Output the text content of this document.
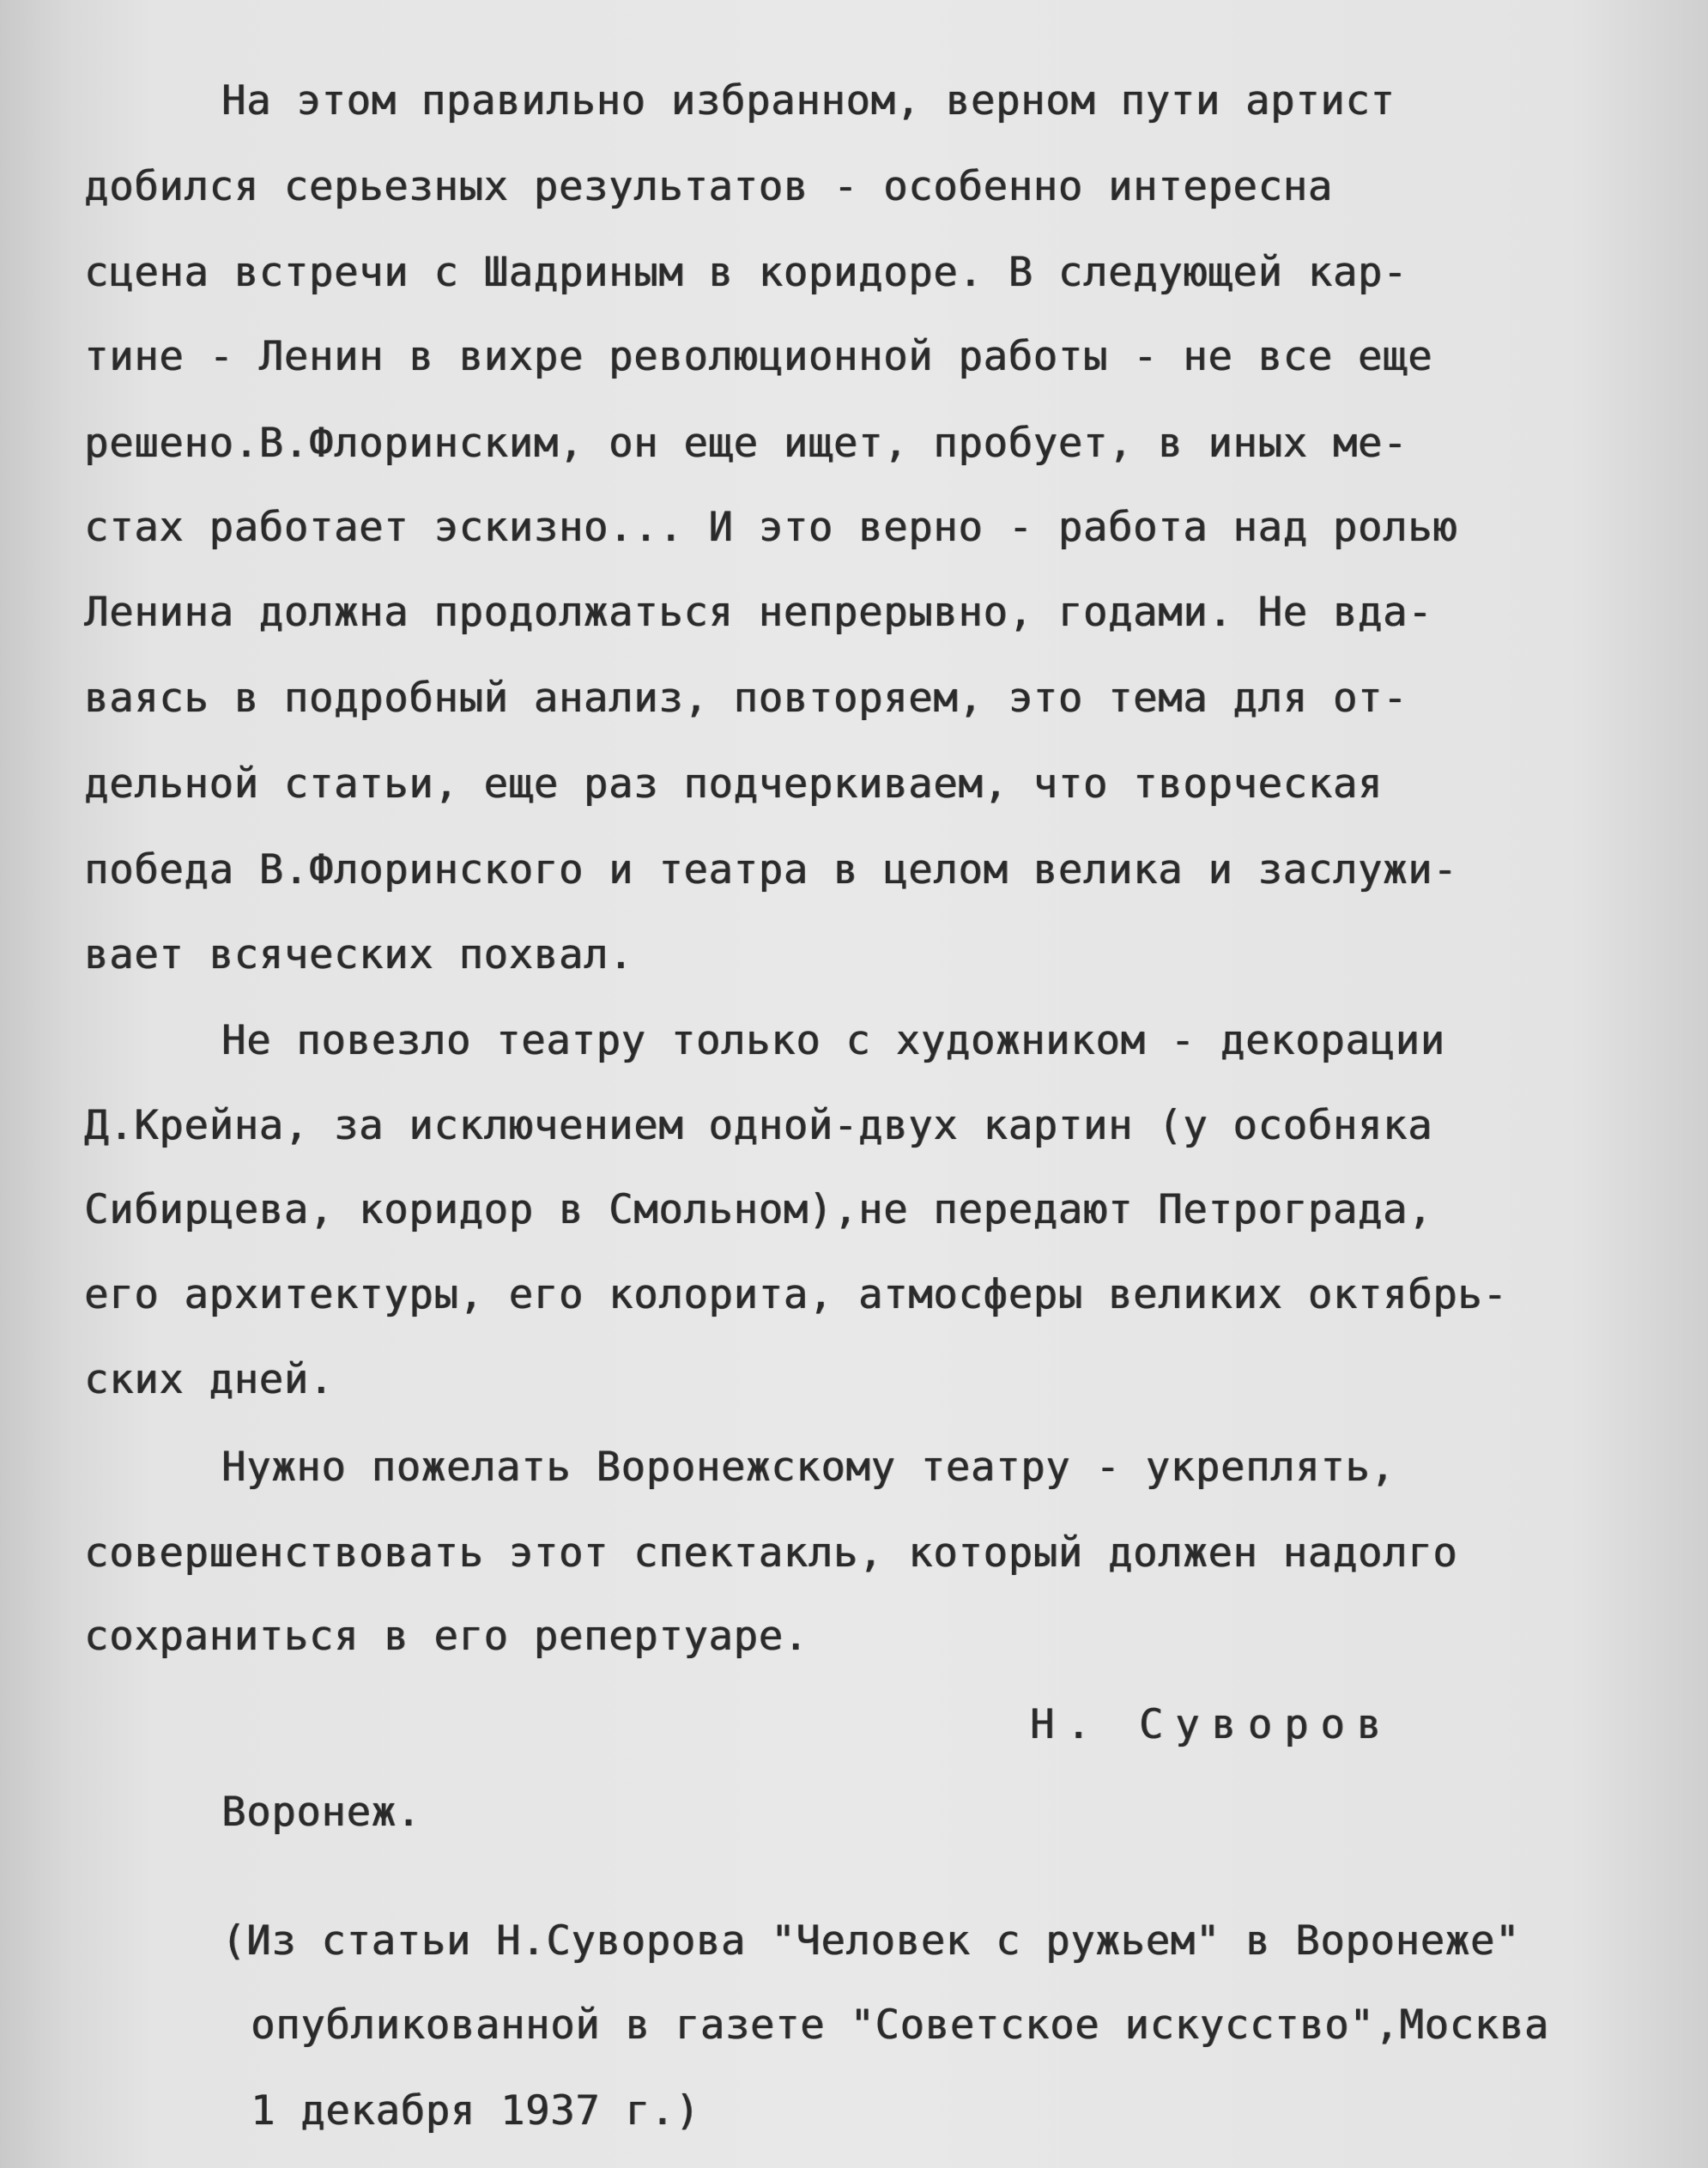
На этом правильно избранном, верном пути артист

добился серьезных результатов - особенно интересна

сцена встречи с Шадриным в коридоре. В следующей кар-

тине - Ленин в вихре революционной работы - не все еще

решено.В.Флоринским, он еще ищет, пробует, в иных ме-

стах работает эскизно... И это верно - работа над ролью

Ленина должна продолжаться непрерывно, годами. Не вда-

ваясь в подробный анализ, повторяем, это тема для от-

дельной статьи, еще раз подчеркиваем, что творческая

победа В.Флоринского и театра в целом велика и заслужи-

вает всяческих похвал.

Не повезло театру только с художником - декорации

Д.Крейна, за исключением одной-двух картин (у особняка

Сибирцева, коридор в Смольном),не передают Петрограда,

его архитектуры, его колорита, атмосферы великих октябрь-

ских дней.

Нужно пожелать Воронежскому театру - укреплять,

совершенствовать этот спектакль, который должен надолго

сохраниться в его репертуаре.

Н. Суворов

Воронеж.

(Из статьи Н.Суворова "Человек с ружьем" в Воронеже"

опубликованной в газете "Советское искусство",Москва

1 декабря 1937 г.)
